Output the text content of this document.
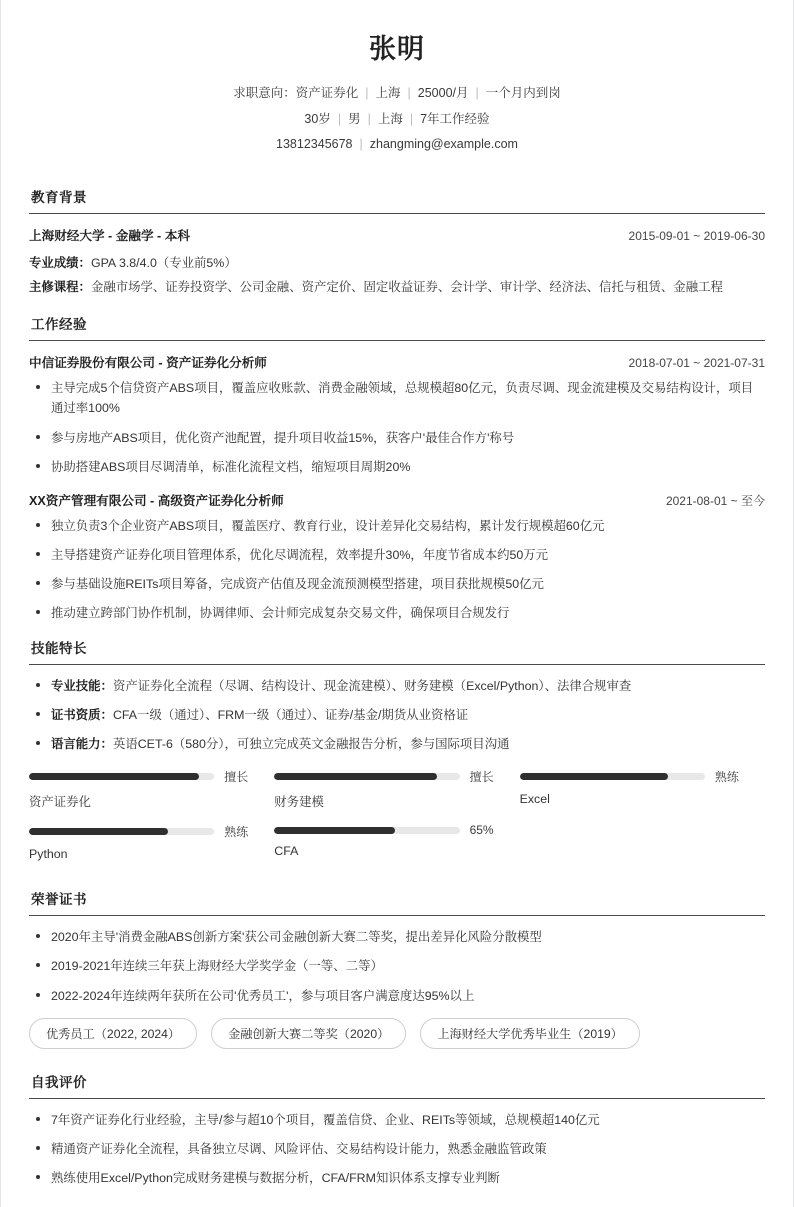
张明
求职意向：资产证券化 | 上海 | 25000/月 | 一个月内到岗
30岁 | 男 | 上海 | 7年工作经验
13812345678 | zhangming@example.com
教育背景
上海财经大学 - 金融学 - 本科	2015-09-01 ~ 2019-06-30
专业成绩：GPA 3.8/4.0（专业前5%）
主修课程：金融市场学、证券投资学、公司金融、资产定价、固定收益证券、会计学、审计学、经济法、信托与租赁、金融工程
工作经验
中信证券股份有限公司 - 资产证券化分析师	2018-07-01 ~ 2021-07-31
主导完成5个信贷资产ABS项目，覆盖应收账款、消费金融领域，总规模超80亿元，负责尽调、现金流建模及交易结构设计，项目通过率100%
参与房地产ABS项目，优化资产池配置，提升项目收益15%，获客户'最佳合作方'称号
协助搭建ABS项目尽调清单，标准化流程文档，缩短项目周期20%
XX资产管理有限公司 - 高级资产证券化分析师	2021-08-01 ~ 至今
独立负责3个企业资产ABS项目，覆盖医疗、教育行业，设计差异化交易结构，累计发行规模超60亿元
主导搭建资产证券化项目管理体系，优化尽调流程，效率提升30%，年度节省成本约50万元
参与基础设施REITs项目筹备，完成资产估值及现金流预测模型搭建，项目获批规模50亿元
推动建立跨部门协作机制，协调律师、会计师完成复杂交易文件，确保项目合规发行
技能特长
专业技能：资产证券化全流程（尽调、结构设计、现金流建模）、财务建模（Excel/Python）、法律合规审查
证书资质：CFA一级（通过）、FRM一级（通过）、证券/基金/期货从业资格证
语言能力：英语CET-6（580分），可独立完成英文金融报告分析，参与国际项目沟通
擅长
资产证券化
擅长
财务建模
熟练
Excel
熟练
Python
65%
CFA
荣誉证书
2020年主导'消费金融ABS创新方案'获公司金融创新大赛二等奖，提出差异化风险分散模型
2019-2021年连续三年获上海财经大学奖学金（一等、二等）
2022-2024年连续两年获所在公司'优秀员工'，参与项目客户满意度达95%以上
优秀员工（2022, 2024）	金融创新大赛二等奖（2020）	上海财经大学优秀毕业生（2019）
自我评价
7年资产证券化行业经验，主导/参与超10个项目，覆盖信贷、企业、REITs等领域，总规模超140亿元
精通资产证券化全流程，具备独立尽调、风险评估、交易结构设计能力，熟悉金融监管政策
熟练使用Excel/Python完成财务建模与数据分析，CFA/FRM知识体系支撑专业判断
